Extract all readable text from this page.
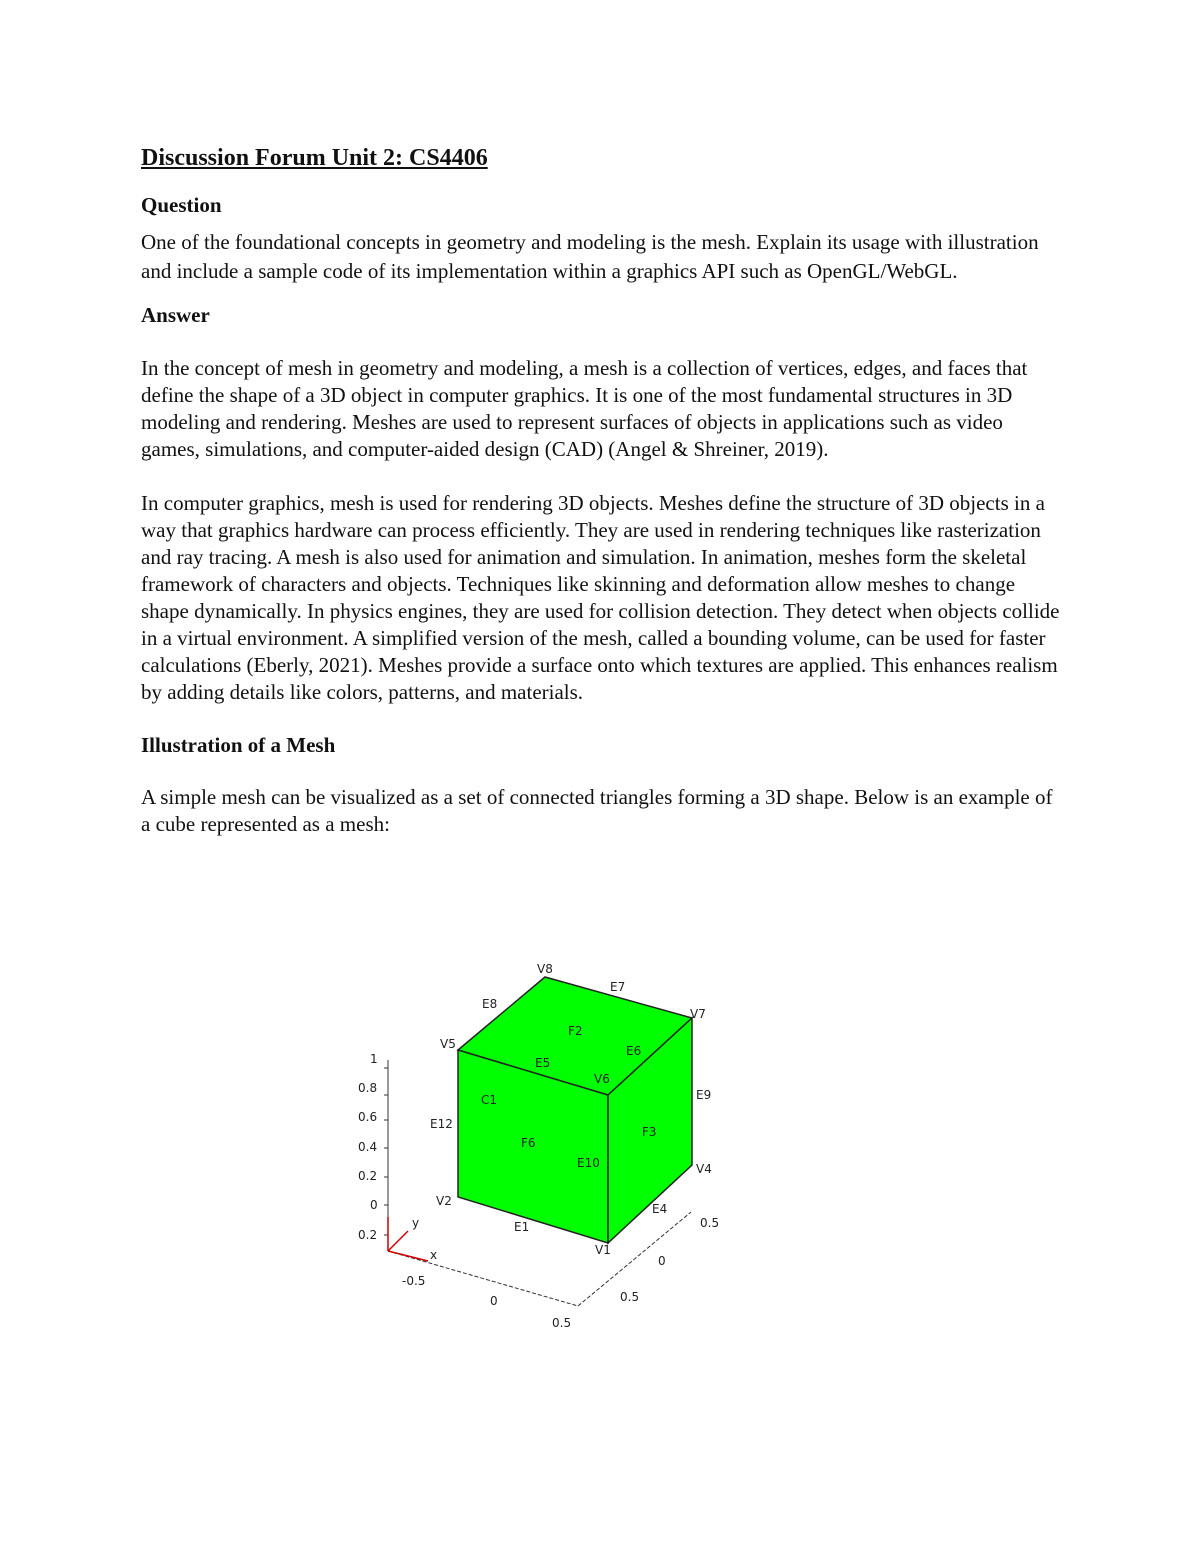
Discussion Forum Unit 2: CS4406

Question

One of the foundational concepts in geometry and modeling is the mesh. Explain its usage with illustration and include a sample code of its implementation within a graphics API such as OpenGL/WebGL.

Answer

In the concept of mesh in geometry and modeling, a mesh is a collection of vertices, edges, and faces that define the shape of a 3D object in computer graphics. It is one of the most fundamental structures in 3D modeling and rendering. Meshes are used to represent surfaces of objects in applications such as video games, simulations, and computer-aided design (CAD) (Angel & Shreiner, 2019).

In computer graphics, mesh is used for rendering 3D objects. Meshes define the structure of 3D objects in a way that graphics hardware can process efficiently. They are used in rendering techniques like rasterization and ray tracing. A mesh is also used for animation and simulation. In animation, meshes form the skeletal framework of characters and objects. Techniques like skinning and deformation allow meshes to change shape dynamically. In physics engines, they are used for collision detection. They detect when objects collide in a virtual environment. A simplified version of the mesh, called a bounding volume, can be used for faster calculations (Eberly, 2021). Meshes provide a surface onto which textures are applied. This enhances realism by adding details like colors, patterns, and materials.

Illustration of a Mesh

A simple mesh can be visualized as a set of connected triangles forming a 3D shape. Below is an example of a cube represented as a mesh:

1
0.8
0.6
0.4
0.2
0
0.2
-0.5
0
0.5
0.5
0
0.5
y
x
V8
V7
V5
V6
V4
V2
V1
E7
E8
E6
E5
E9
E12
E10
E4
E1
F2
C1
F6
F3
